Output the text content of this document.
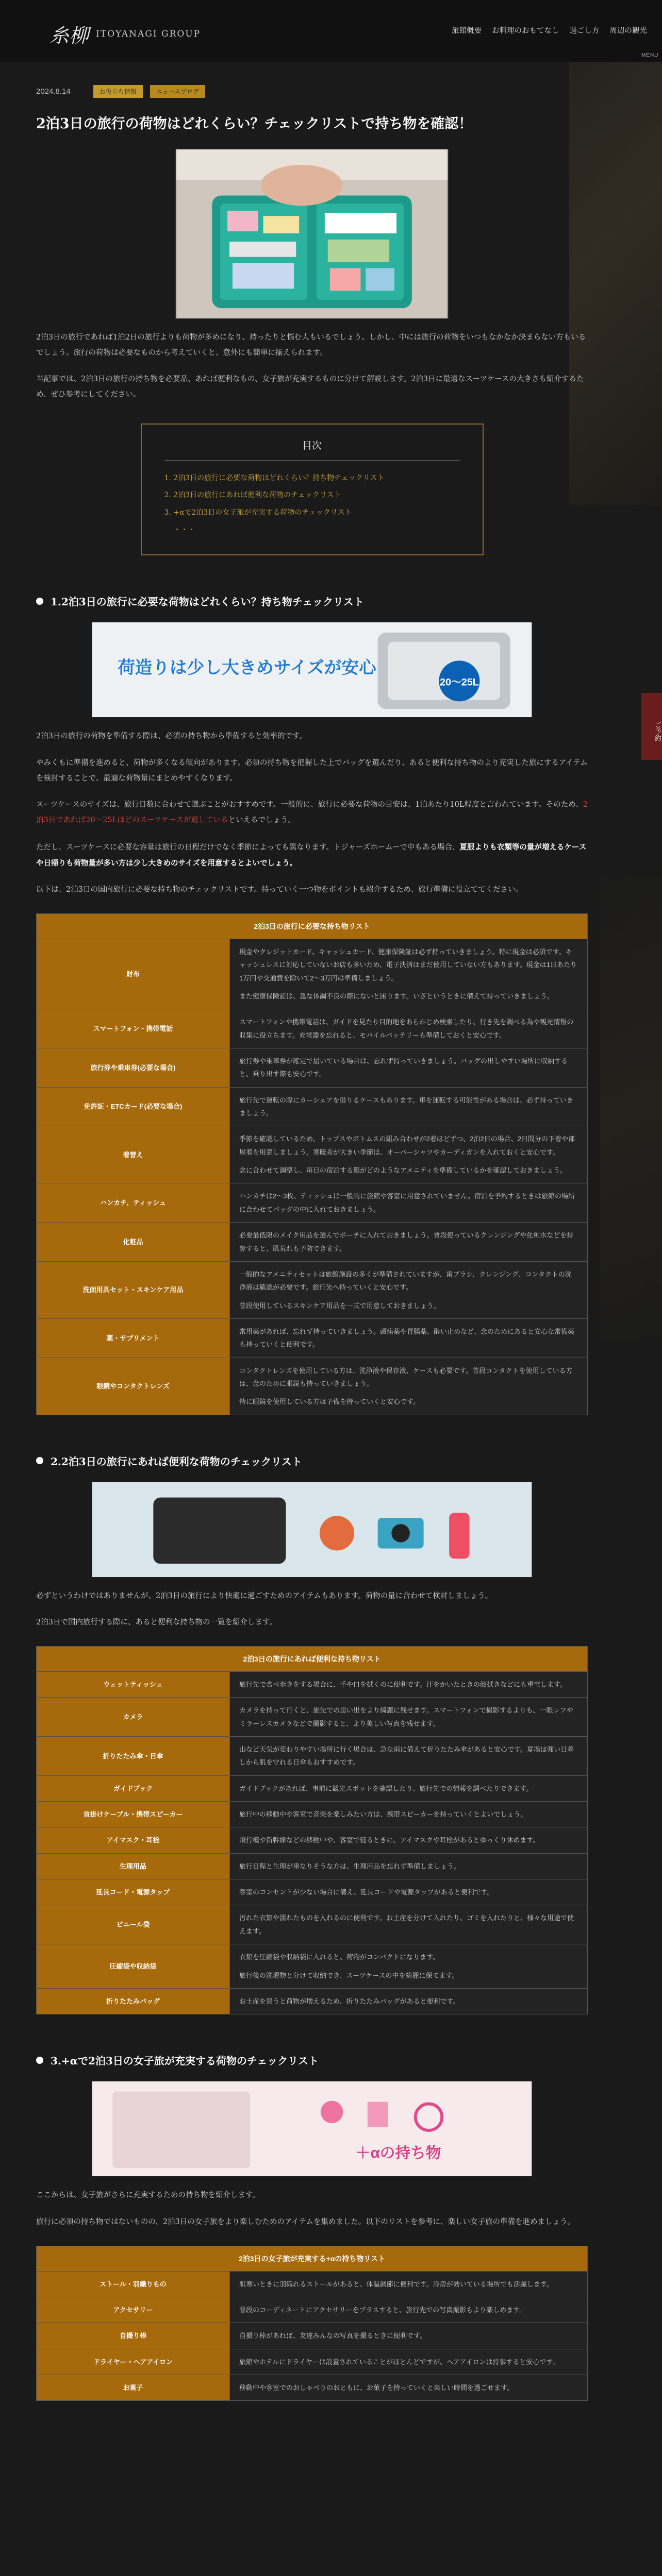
糸柳 ITOYANAGI GROUP	旅館概要 お料理のおもてなし 過ごし方 周辺の観光
MENU
ご予約
2024.8.14	お役立ち情報	ニュースブログ
2泊3日の旅行の荷物はどれくらい？チェックリストで持ち物を確認！

2泊3日の旅行であれば1泊2日の旅行よりも荷物が多めになり、持ったりと悩む人もいるでしょう。しかし、中には旅行の荷物をいつもなかなか決まらない方もいるでしょう。旅行の荷物は必要なものから考えていくと、意外にも簡単に揃えられます。

当記事では、2泊3日の旅行の持ち物を必要品、あれば便利なもの、女子旅が充実するものに分けて解説します。2泊3日に最適なスーツケースの大きさも紹介するため、ぜひ参考にしてください。

目次
1. 2泊3日の旅行に必要な荷物はどれくらい？持ち物チェックリスト
2. 2泊3日の旅行にあれば便利な荷物のチェックリスト
3. +αで2泊3日の女子旅が充実する荷物のチェックリスト
・・・
1.2泊3日の旅行に必要な荷物はどれくらい？持ち物チェックリスト
荷造りは少し大きめサイズが安心
20～25L

2泊3日の旅行の荷物を準備する際は、必須の持ち物から準備すると効率的です。

やみくもに準備を進めると、荷物が多くなる傾向があります。必須の持ち物を把握した上でバッグを選んだり、あると便利な持ち物のより充実した旅にするアイテムを検討することで、最適な荷物量にまとめやすくなります。

スーツケースのサイズは、旅行日数に合わせて選ぶことがおすすめです。一般的に、旅行に必要な荷物の目安は、1泊あたり10L程度と言われています。そのため、2泊3日であれば20～25Lほどのスーツケースが適しているといえるでしょう。

ただし、スーツケースに必要な容量は旅行の日程だけでなく季節によっても異なります。トジャーズホームーで中もある場合、夏服よりも衣類等の量が増えるケースや日帰りも荷物量が多い方は少し大きめのサイズを用意するとよいでしょう。

以下は、2泊3日の国内旅行に必要な持ち物のチェックリストです。持っていく一つ物をポイントも紹介するため、旅行準備に役立ててください。

2泊3日の旅行に必要な持ち物リスト	
財布	現金やクレジットカード、キャッシュカード、健康保険証は必ず持っていきましょう。特に現金は必須です。キャッシュレスに対応していないお店も多いため、電子決済はまだ使用していない方もあります。現金は1日あたり1万円や交通費を除いて2～3万円は準備しましょう。
また健康保険証は、急な体調不良の際にないと困ります。いざというときに備えて持っていきましょう。

スマートフォン・携帯電話	スマートフォンや携帯電話は、ガイドを見たり目的地をあらかじめ検索したり、行き先を調べる為や観光情報の収集に役立ちます。充電器を忘れると、モバイルバッテリーも準備しておくと安心です。

旅行券や乗車券(必要な場合)	旅行券や乗車券が確定で届いている場合は、忘れず持っていきましょう。バッグの出しやすい場所に収納すると、乗り出す際も安心です。

免許証・ETCカード(必要な場合)	旅行先で運転の際にカーシェアを借りるケースもあります。車を運転する可能性がある場合は、必ず持っていきましょう。

着替え	季節を確認しているため、トップスやボトムスの組み合わせが2着ほどずつ、2泊2日の場合、2日間分の下着や部屋着を用意しましょう。寒暖差が大きい季節は、オーバーシャツやカーディガンを入れておくと安心です。
念に合わせて調整し、毎日の宿泊する館がどのようなアメニティを準備しているかを確認しておきましょう。

ハンカチ、ティッシュ	ハンカチは2～3枚、ティッシュは一般的に旅館や客室に用意されていません。宿泊を予約するときは旅館の場所に合わせてバッグの中に入れておきましょう。

化粧品	必要最低限のメイク用品を選んでポーチに入れておきましょう。普段使っているクレンジングや化粧水などを持参すると、肌荒れも予防できます。

洗面用具セット・スキンケア用品	一般的なアメニティセットは旅館施設の多くが準備されていますが、歯ブラシ、クレンジング、コンタクトの洗浄液は確認が必要です。旅行先へ持っていくと安心です。
普段使用しているスキンケア用品を一式で用意しておきましょう。

薬・サプリメント	常用薬があれば、忘れず持っていきましょう。頭痛薬や胃腸薬、酔い止めなど、念のためにあると安心な常備薬も持っていくと便利です。

眼鏡やコンタクトレンズ	コンタクトレンズを使用している方は、洗浄液や保存液、ケースも必要です。普段コンタクトを使用している方は、念のために眼鏡も持っていきましょう。
特に眼鏡を使用している方は予備を持っていくと安心です。
2.2泊3日の旅行にあれば便利な荷物のチェックリスト

必ずというわけではありませんが、2泊3日の旅行により快適に過ごすためのアイテムもあります。荷物の量に合わせて検討しましょう。

2泊3日で国内旅行する際に、あると便利な持ち物の一覧を紹介します。

2泊3日の旅行にあれば便利な持ち物リスト	
ウェットティッシュ	旅行先で食べ歩きをする場合に、手や口を拭くのに便利です。汗をかいたときの顔拭きなどにも重宝します。

カメラ	カメラを持って行くと、旅先での思い出をより綺麗に残せます。スマートフォンで撮影するよりも、一眼レフやミラーレスカメラなどで撮影すると、より美しい写真を残せます。

折りたたみ傘・日傘	山など天気が変わりやすい場所に行く場合は、急な雨に備えて折りたたみ傘があると安心です。夏場は強い日差しから肌を守れる日傘もおすすめです。

ガイドブック	ガイドブックがあれば、事前に観光スポットを確認したり、旅行先での情報を調べたりできます。

首掛けケーブル・携帯スピーカー	旅行中の移動中や客室で音楽を楽しみたい方は、携帯スピーカーを持っていくとよいでしょう。

アイマスク・耳栓	飛行機や新幹線などの移動中や、客室で寝るときに、アイマスクや耳栓があるとゆっくり休めます。

生理用品	旅行日程と生理が重なりそうな方は、生理用品を忘れず準備しましょう。

延長コード・電源タップ	客室のコンセントが少ない場合に備え、延長コードや電源タップがあると便利です。

ビニール袋	汚れた衣類や濡れたものを入れるのに便利です。お土産を分けて入れたり、ゴミを入れたりと、様々な用途で使えます。

圧縮袋や収納袋	衣類を圧縮袋や収納袋に入れると、荷物がコンパクトになります。
旅行後の洗濯物と分けて収納でき、スーツケースの中を綺麗に保てます。

折りたたみバッグ	お土産を買うと荷物が増えるため、折りたたみバッグがあると便利です。
3.+αで2泊3日の女子旅が充実する荷物のチェックリスト
＋αの持ち物

ここからは、女子旅がさらに充実するための持ち物を紹介します。

旅行に必須の持ち物ではないものの、2泊3日の女子旅をより楽しむためのアイテムを集めました。以下のリストを参考に、楽しい女子旅の準備を進めましょう。

2泊3日の女子旅が充実する+αの持ち物リスト	
ストール・羽織りもの	肌寒いときに羽織れるストールがあると、体温調節に便利です。冷房が効いている場所でも活躍します。

アクセサリー	普段のコーディネートにアクセサリーをプラスすると、旅行先での写真撮影もより楽しめます。

自撮り棒	自撮り棒があれば、友達みんなの写真を撮るときに便利です。

ドライヤー・ヘアアイロン	旅館やホテルにドライヤーは設置されていることがほとんどですが、ヘアアイロンは持参すると安心です。

お菓子	移動中や客室でのおしゃべりのおともに、お菓子を持っていくと楽しい時間を過ごせます。
